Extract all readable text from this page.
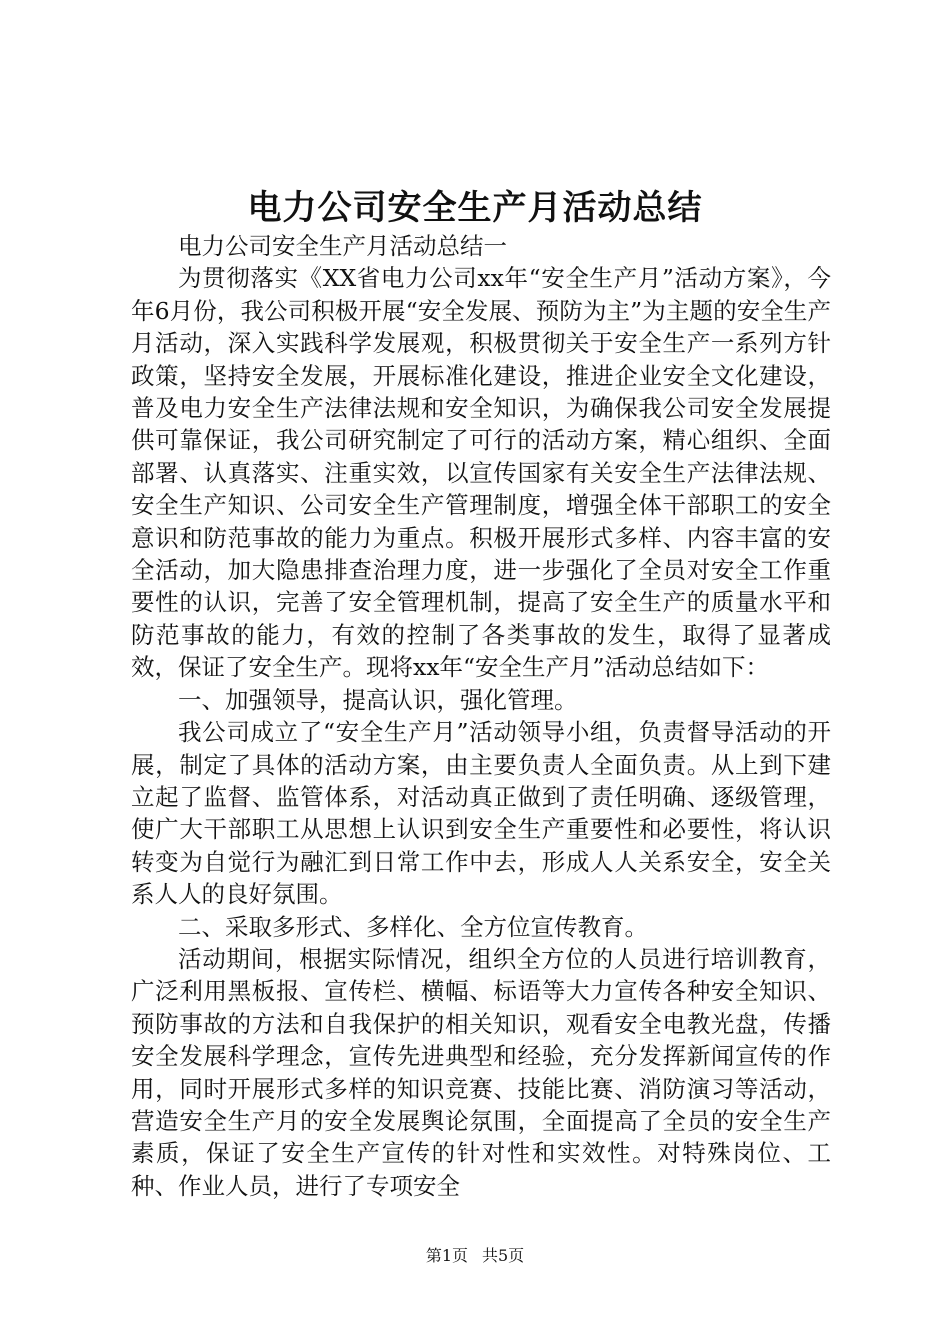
电力公司安全生产月活动总结

电力公司安全生产月活动总结一

为贯彻落实《XX省电力公司xx年“安全生产月”活动方案》，今年6月份，我公司积极开展“安全发展、预防为主”为主题的安全生产月活动，深入实践科学发展观，积极贯彻关于安全生产一系列方针政策，坚持安全发展，开展标准化建设，推进企业安全文化建设，普及电力安全生产法律法规和安全知识，为确保我公司安全发展提供可靠保证，我公司研究制定了可行的活动方案，精心组织、全面部署、认真落实、注重实效，以宣传国家有关安全生产法律法规、安全生产知识、公司安全生产管理制度，增强全体干部职工的安全意识和防范事故的能力为重点。积极开展形式多样、内容丰富的安全活动，加大隐患排查治理力度，进一步强化了全员对安全工作重要性的认识，完善了安全管理机制，提高了安全生产的质量水平和防范事故的能力，有效的控制了各类事故的发生，取得了显著成效，保证了安全生产。现将xx年“安全生产月”活动总结如下：

一、加强领导，提高认识，强化管理。

我公司成立了“安全生产月”活动领导小组，负责督导活动的开展，制定了具体的活动方案，由主要负责人全面负责。从上到下建立起了监督、监管体系，对活动真正做到了责任明确、逐级管理，使广大干部职工从思想上认识到安全生产重要性和必要性，将认识转变为自觉行为融汇到日常工作中去，形成人人关系安全，安全关系人人的良好氛围。

二、采取多形式、多样化、全方位宣传教育。

活动期间，根据实际情况，组织全方位的人员进行培训教育，广泛利用黑板报、宣传栏、横幅、标语等大力宣传各种安全知识、预防事故的方法和自我保护的相关知识，观看安全电教光盘，传播安全发展科学理念，宣传先进典型和经验，充分发挥新闻宣传的作用，同时开展形式多样的知识竞赛、技能比赛、消防演习等活动，营造安全生产月的安全发展舆论氛围，全面提高了全员的安全生产素质，保证了安全生产宣传的针对性和实效性。对特殊岗位、工种、作业人员，进行了专项安全

第1页 共5页
